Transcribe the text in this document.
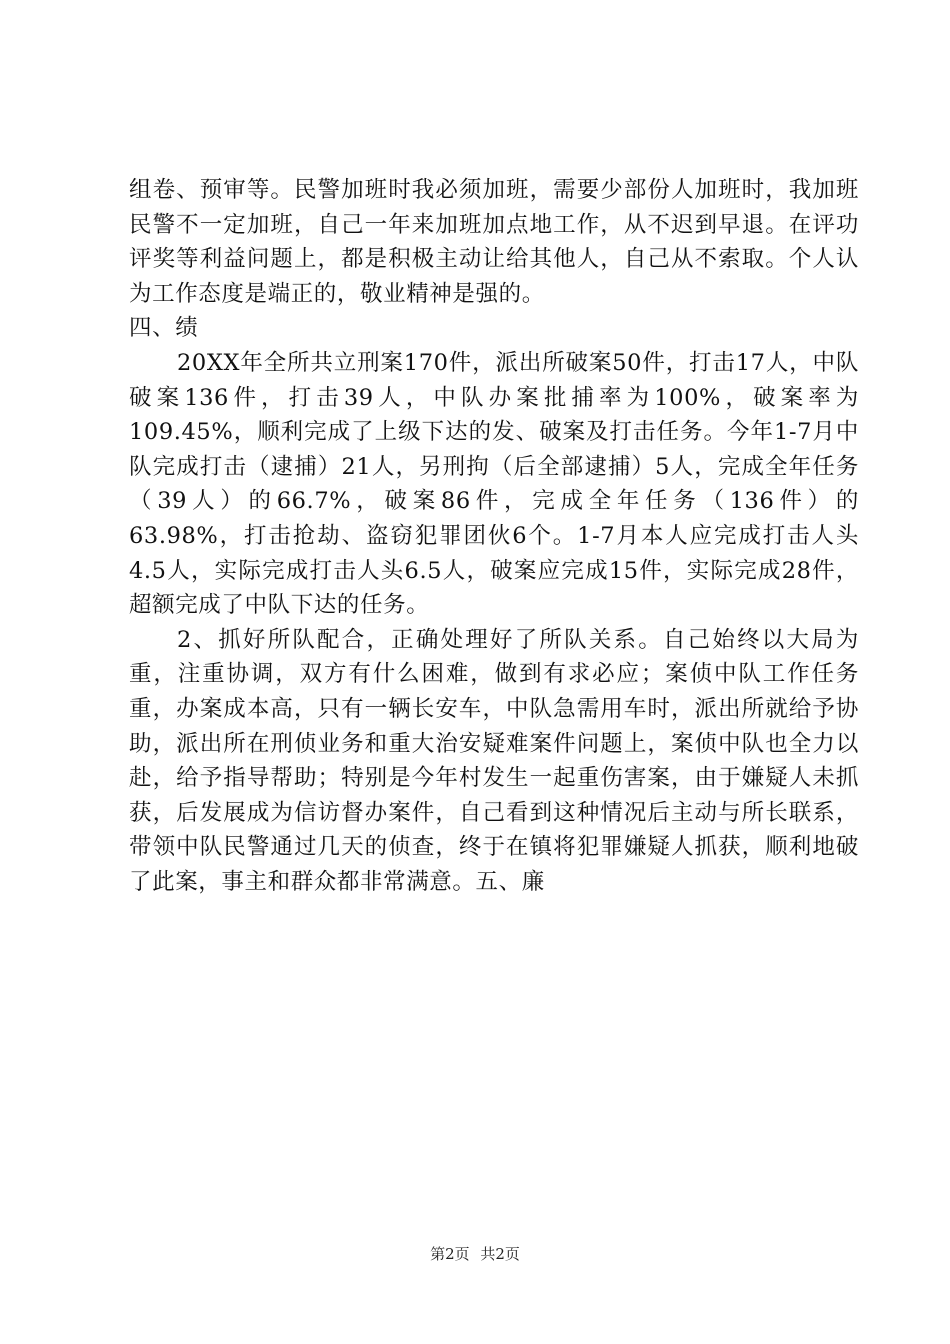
组卷、预审等。民警加班时我必须加班，需要少部份人加班时，我加班民警不一定加班，自己一年来加班加点地工作，从不迟到早退。在评功评奖等利益问题上，都是积极主动让给其他人，自己从不索取。个人认为工作态度是端正的，敬业精神是强的。

四、绩

20XX年全所共立刑案170件，派出所破案50件，打击17人，中队破案136件，打击39人，中队办案批捕率为100%，破案率为109.45%，顺利完成了上级下达的发、破案及打击任务。今年1-7月中队完成打击（逮捕）21人，另刑拘（后全部逮捕）5人，完成全年任务（39人）的66.7%，破案86件，完成全年任务（136件）的63.98%，打击抢劫、盗窃犯罪团伙6个。1-7月本人应完成打击人头4.5人，实际完成打击人头6.5人，破案应完成15件，实际完成28件，超额完成了中队下达的任务。

2、抓好所队配合，正确处理好了所队关系。自己始终以大局为重，注重协调，双方有什么困难，做到有求必应；案侦中队工作任务重，办案成本高，只有一辆长安车，中队急需用车时，派出所就给予协助，派出所在刑侦业务和重大治安疑难案件问题上，案侦中队也全力以赴，给予指导帮助；特别是今年村发生一起重伤害案，由于嫌疑人未抓获，后发展成为信访督办案件，自己看到这种情况后主动与所长联系，带领中队民警通过几天的侦查，终于在镇将犯罪嫌疑人抓获，顺利地破了此案，事主和群众都非常满意。五、廉

第2页 共2页
